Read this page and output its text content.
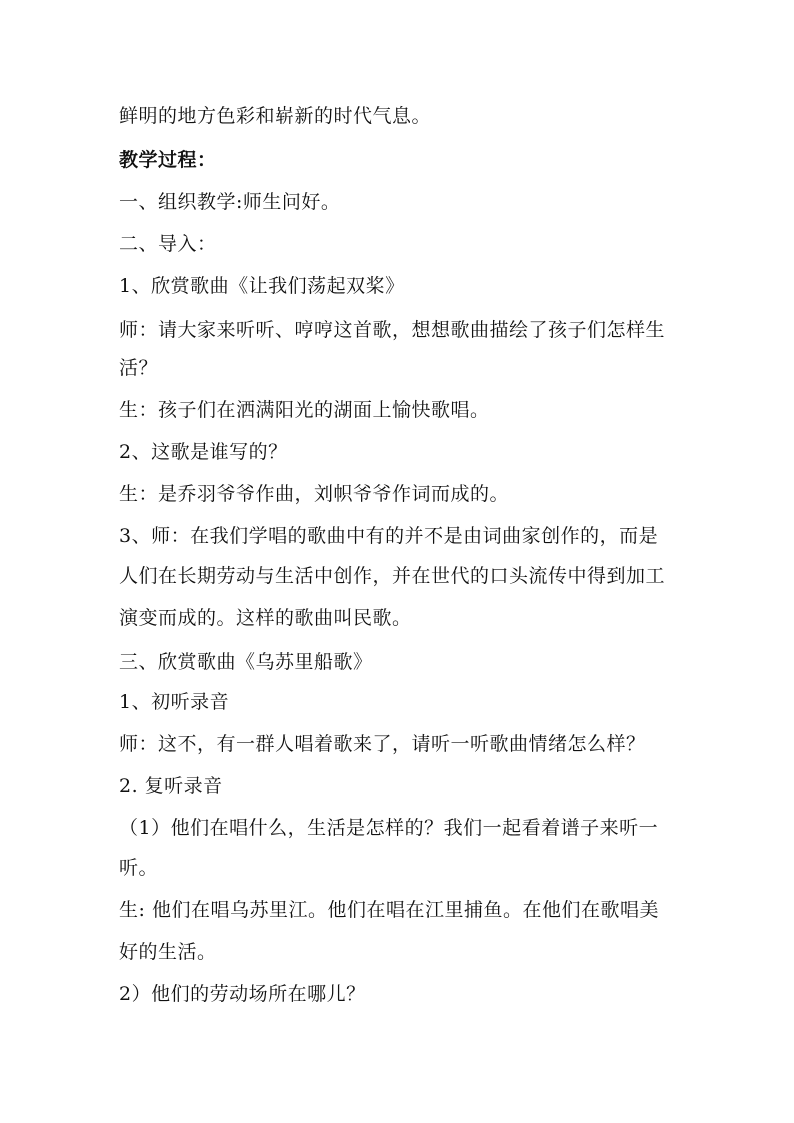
鲜明的地方色彩和崭新的时代气息。
教学过程：
一、组织教学:师生问好。
二、导入：
1、欣赏歌曲《让我们荡起双桨》
师：请大家来听听、哼哼这首歌，想想歌曲描绘了孩子们怎样生
活？
生：孩子们在洒满阳光的湖面上愉快歌唱。
2、这歌是谁写的？
生：是乔羽爷爷作曲，刘帜爷爷作词而成的。
3、师：在我们学唱的歌曲中有的并不是由词曲家创作的，而是
人们在长期劳动与生活中创作，并在世代的口头流传中得到加工
演变而成的。这样的歌曲叫民歌。
三、欣赏歌曲《乌苏里船歌》
1、初听录音
师：这不，有一群人唱着歌来了，请听一听歌曲情绪怎么样？
2. 复听录音
（1）他们在唱什么，生活是怎样的？我们一起看着谱子来听一
听。
生: 他们在唱乌苏里江。他们在唱在江里捕鱼。在他们在歌唱美
好的生活。
2）他们的劳动场所在哪儿？
